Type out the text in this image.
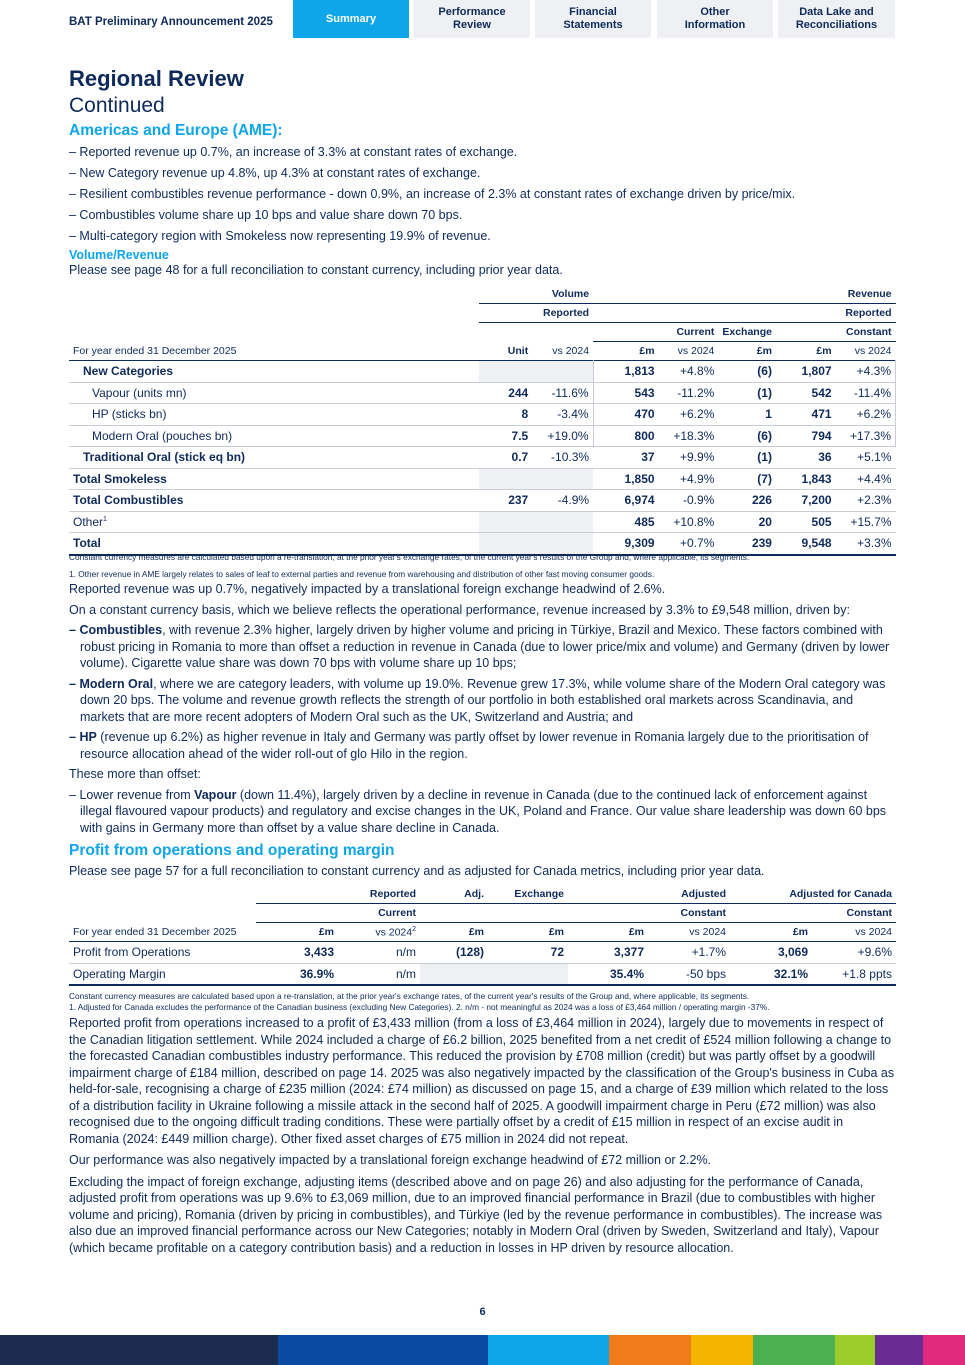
BAT Preliminary Announcement 2025	Summary
Performance
Review
Financial
Statements
Other
Information
Data Lake and
Reconciliations
Regional Review
Continued
Americas and Europe (AME):
– Reported revenue up 0.7%, an increase of 3.3% at constant rates of exchange.
– New Category revenue up 4.8%, up 4.3% at constant rates of exchange.
– Resilient combustibles revenue performance - down 0.9%, an increase of 2.3% at constant rates of exchange driven by price/mix.
– Combustibles volume share up 10 bps and value share down 70 bps.
– Multi-category region with Smokeless now representing 19.9% of revenue.
Volume/Revenue
Please see page 48 for a full reconciliation to constant currency, including prior year data.
		Volume					Revenue
		Reported					Reported
			Current		Exchange	Constant	
For year ended 31 December 2025	Unit	vs 2024	£m	vs 2024	£m	£m	vs 2024
New Categories			1,813	+4.8%	(6)	1,807	+4.3%
Vapour (units mn)	244	-11.6%	543	-11.2%	(1)	542	-11.4%
HP (sticks bn)	8	-3.4%	470	+6.2%	1	471	+6.2%
Modern Oral (pouches bn)	7.5	+19.0%	800	+18.3%	(6)	794	+17.3%
Traditional Oral (stick eq bn)	0.7	-10.3%	37	+9.9%	(1)	36	+5.1%
Total Smokeless			1,850	+4.9%	(7)	1,843	+4.4%
Total Combustibles	237	-4.9%	6,974	-0.9%	226	7,200	+2.3%
Other$^1$			485	+10.8%	20	505	+15.7%
Total			9,309	+0.7%	239	9,548	+3.3%
Constant currency measures are calculated based upon a re-translation, at the prior year's exchange rates, of the current year's results of the Group and, where applicable, its segments.
1. Other revenue in AME largely relates to sales of leaf to external parties and revenue from warehousing and distribution of other fast moving consumer goods.
Reported revenue was up 0.7%, negatively impacted by a translational foreign exchange headwind of 2.6%.
On a constant currency basis, which we believe reflects the operational performance, revenue increased by 3.3% to £9,548 million, driven by:
– Combustibles, with revenue 2.3% higher, largely driven by higher volume and pricing in Türkiye, Brazil and Mexico. These factors combined with robust pricing in Romania to more than offset a reduction in revenue in Canada (due to lower price/mix and volume) and Germany (driven by lower volume). Cigarette value share was down 70 bps with volume share up 10 bps;
– Modern Oral, where we are category leaders, with volume up 19.0%. Revenue grew 17.3%, while volume share of the Modern Oral category was down 20 bps. The volume and revenue growth reflects the strength of our portfolio in both established oral markets across Scandinavia, and markets that are more recent adopters of Modern Oral such as the UK, Switzerland and Austria; and
– HP (revenue up 6.2%) as higher revenue in Italy and Germany was partly offset by lower revenue in Romania largely due to the prioritisation of resource allocation ahead of the wider roll-out of glo Hilo in the region.
These more than offset:
– Lower revenue from Vapour (down 11.4%), largely driven by a decline in revenue in Canada (due to the continued lack of enforcement against illegal flavoured vapour products) and regulatory and excise changes in the UK, Poland and France. Our value share leadership was down 60 bps with gains in Germany more than offset by a value share decline in Canada.
Profit from operations and operating margin
Please see page 57 for a full reconciliation to constant currency and as adjusted for Canada metrics, including prior year data.
	Reported		Adj.	Exchange	Adjusted		Adjusted for Canada	
	Current				Constant		Constant	
For year ended 31 December 2025	£m	vs 2024$^2$	£m	£m	£m	vs 2024	£m	vs 2024
Profit from Operations	3,433	n/m	(128)	72	3,377	+1.7%	3,069	+9.6%
Operating Margin	36.9%	n/m			35.4%	-50 bps	32.1%	+1.8 ppts
Constant currency measures are calculated based upon a re-translation, at the prior year's exchange rates, of the current year's results of the Group and, where applicable, its segments.
1. Adjusted for Canada excludes the performance of the Canadian business (excluding New Categories). 2. n/m - not meaningful as 2024 was a loss of £3,464 million / operating margin -37%.
Reported profit from operations increased to a profit of £3,433 million (from a loss of £3,464 million in 2024), largely due to movements in respect of the Canadian litigation settlement. While 2024 included a charge of £6.2 billion, 2025 benefited from a net credit of £524 million following a change to the forecasted Canadian combustibles industry performance. This reduced the provision by £708 million (credit) but was partly offset by a goodwill impairment charge of £184 million, described on page 14. 2025 was also negatively impacted by the classification of the Group's business in Cuba as held-for-sale, recognising a charge of £235 million (2024: £74 million) as discussed on page 15, and a charge of £39 million which related to the loss of a distribution facility in Ukraine following a missile attack in the second half of 2025. A goodwill impairment charge in Peru (£72 million) was also recognised due to the ongoing difficult trading conditions. These were partially offset by a credit of £15 million in respect of an excise audit in Romania (2024: £449 million charge). Other fixed asset charges of £75 million in 2024 did not repeat.
Our performance was also negatively impacted by a translational foreign exchange headwind of £72 million or 2.2%.
Excluding the impact of foreign exchange, adjusting items (described above and on page 26) and also adjusting for the performance of Canada, adjusted profit from operations was up 9.6% to £3,069 million, due to an improved financial performance in Brazil (due to combustibles with higher volume and pricing), Romania (driven by pricing in combustibles), and Türkiye (led by the revenue performance in combustibles). The increase was also due an improved financial performance across our New Categories; notably in Modern Oral (driven by Sweden, Switzerland and Italy), Vapour (which became profitable on a category contribution basis) and a reduction in losses in HP driven by resource allocation.
6
